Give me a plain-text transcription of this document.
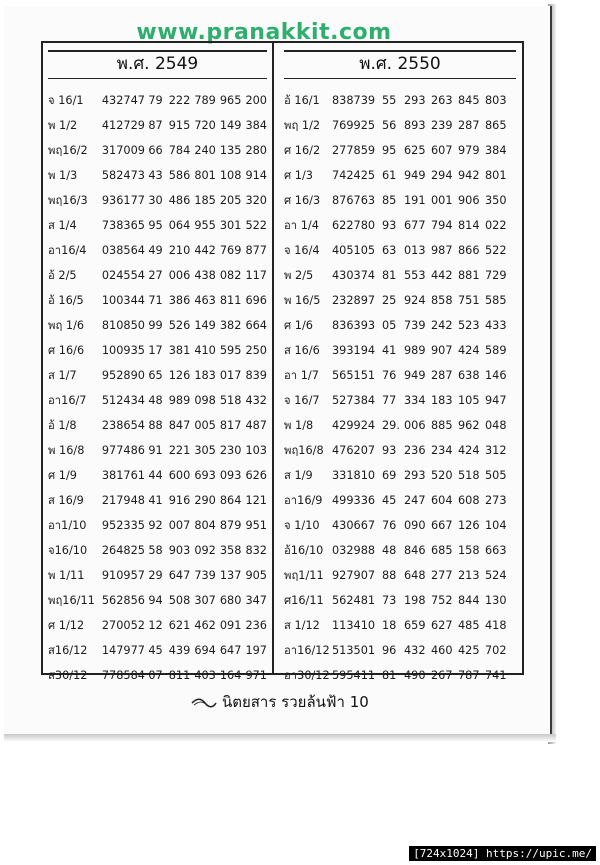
www.pranakkit.com
พ.ศ. 2549
จ 16/1	432747 79 222 789 965 200
พ 1/2	412729 87 915 720 149 384
พฤ16/2	317009 66 784 240 135 280
พ 1/3	582473 43 586 801 108 914
พฤ16/3	936177 30 486 185 205 320
ส 1/4	738365 95 064 955 301 522
อา16/4	038564 49 210 442 769 877
อ้ 2/5	024554 27 006 438 082 117
อ้ 16/5	100344 71 386 463 811 696
พฤ 1/6	810850 99 526 149 382 664
ศ 16/6	100935 17 381 410 595 250
ส 1/7	952890 65 126 183 017 839
อา16/7	512434 48 989 098 518 432
อ้ 1/8	238654 88 847 005 817 487
พ 16/8	977486 91 221 305 230 103
ศ 1/9	381761 44 600 693 093 626
ส 16/9	217948 41 916 290 864 121
อา1/10	952335 92 007 804 879 951
จ16/10	264825 58 903 092 358 832
พ 1/11	910957 29 647 739 137 905
พฤ16/11 562856 94 508 307 680 347
ศ 1/12	270052 12 621 462 091 236
ส16/12	147977 45 439 694 647 197
ส30/12	778584 07 811 403 164 971
พ.ศ. 2550
อ้ 16/1	838739 55 293 263 845 803
พฤ 1/2	769925 56 893 239 287 865
ศ 16/2	277859 95 625 607 979 384
ศ 1/3	742425 61 949 294 942 801
ศ 16/3	876763 85 191 001 906 350
อา 1/4	622780 93 677 794 814 022
จ 16/4	405105 63 013 987 866 522
พ 2/5	430374 81 553 442 881 729
พ 16/5	232897 25 924 858 751 585
ศ 1/6	836393 05 739 242 523 433
ส 16/6	393194 41 989 907 424 589
อา 1/7	565151 76 949 287 638 146
จ 16/7	527384 77 334 183 105 947
พ 1/8	429924 29. 006 885 962 048
พฤ16/8 476207 93 236 234 424 312
ส 1/9	331810 69 293 520 518 505
อา16/9 499336 45 247 604 608 273
จ 1/10	430667 76 090 667 126 104
อ้16/10 032988 48 846 685 158 663
พฤ1/11 927907 88 648 277 213 524
ศ16/11 562481 73 198 752 844 130
ส 1/12	113410 18 659 627 485 418
อา16/12 513501 96 432 460 425 702
อา30/12 595411 81 490 267 787 741
นิตยสาร รวยล้นฟ้า 10
[724x1024] https://upic.me/
